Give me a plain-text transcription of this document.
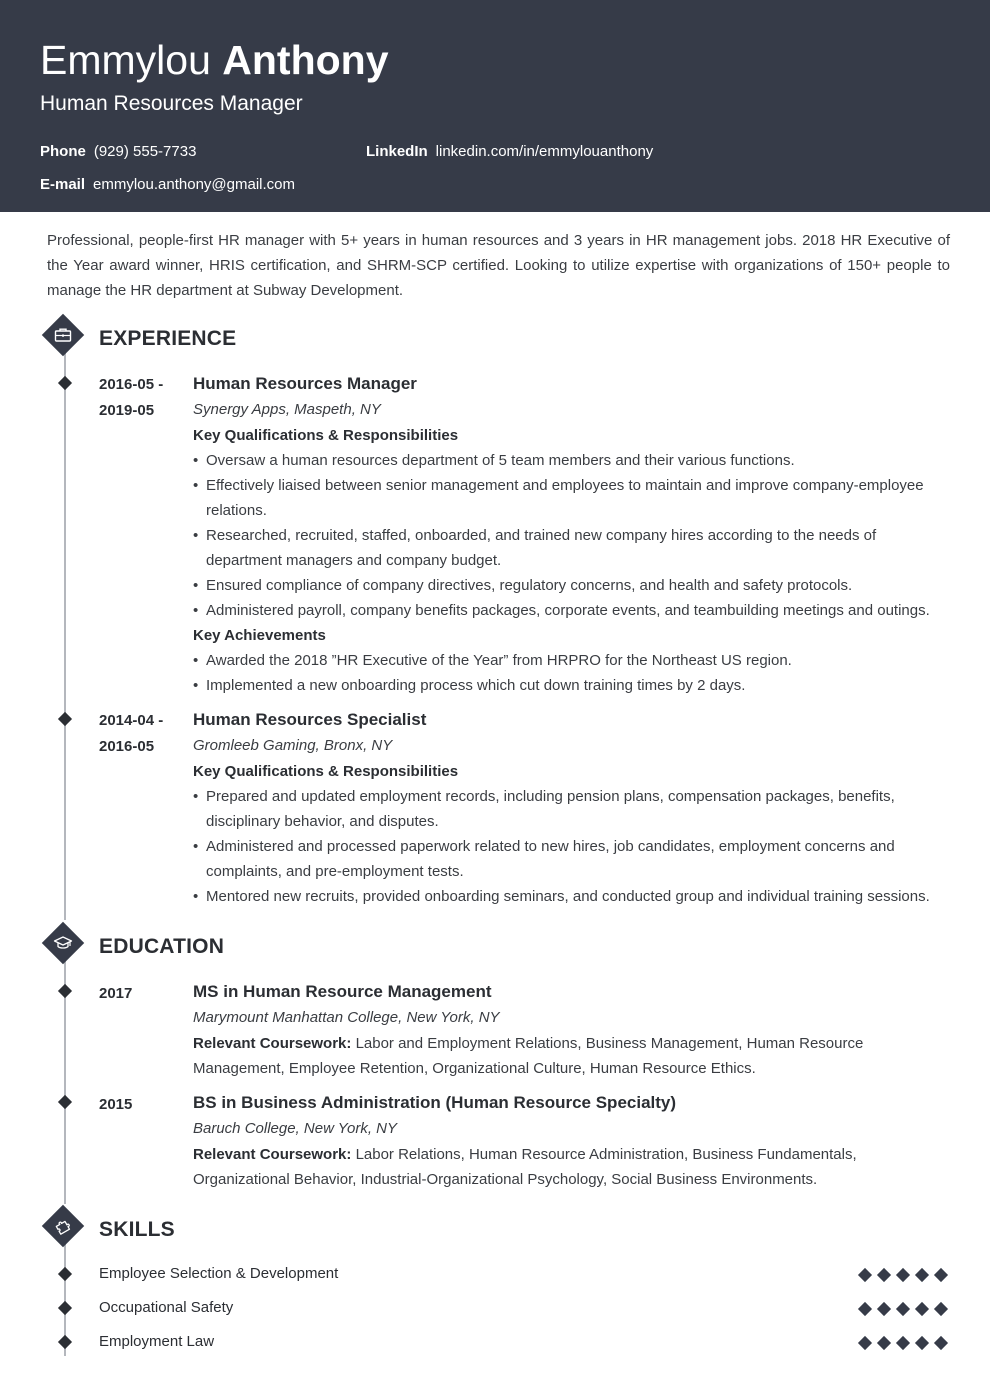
Emmylou Anthony
Human Resources Manager
Phone (929) 555-7733	LinkedIn linkedin.com/in/emmylouanthony
E-mail emmylou.anthony@gmail.com

Professional, people-first HR manager with 5+ years in human resources and 3 years in HR management jobs. 2018 HR Executive of the Year award winner, HRIS certification, and SHRM-SCP certified. Looking to utilize expertise with organizations of 150+ people to manage the HR department at Subway Development.

EXPERIENCE
2016-05 -
2019-05
Human Resources Manager
Synergy Apps, Maspeth, NY
Key Qualifications & Responsibilities
• Oversaw a human resources department of 5 team members and their various functions.
• Effectively liaised between senior management and employees to maintain and improve company-employee relations.
• Researched, recruited, staffed, onboarded, and trained new company hires according to the needs of department managers and company budget.
• Ensured compliance of company directives, regulatory concerns, and health and safety protocols.
• Administered payroll, company benefits packages, corporate events, and teambuilding meetings and outings.
Key Achievements
• Awarded the 2018 ”HR Executive of the Year” from HRPRO for the Northeast US region.
• Implemented a new onboarding process which cut down training times by 2 days.
2014-04 -
2016-05
Human Resources Specialist
Gromleeb Gaming, Bronx, NY
Key Qualifications & Responsibilities
• Prepared and updated employment records, including pension plans, compensation packages, benefits, disciplinary behavior, and disputes.
• Administered and processed paperwork related to new hires, job candidates, employment concerns and complaints, and pre-employment tests.
• Mentored new recruits, provided onboarding seminars, and conducted group and individual training sessions.
EDUCATION
2017	MS in Human Resource Management
Marymount Manhattan College, New York, NY
Relevant Coursework: Labor and Employment Relations, Business Management, Human Resource Management, Employee Retention, Organizational Culture, Human Resource Ethics.
2015	BS in Business Administration (Human Resource Specialty)
Baruch College, New York, NY
Relevant Coursework: Labor Relations, Human Resource Administration, Business Fundamentals, Organizational Behavior, Industrial-Organizational Psychology, Social Business Environments.
SKILLS
Employee Selection & Development
Occupational Safety
Employment Law
